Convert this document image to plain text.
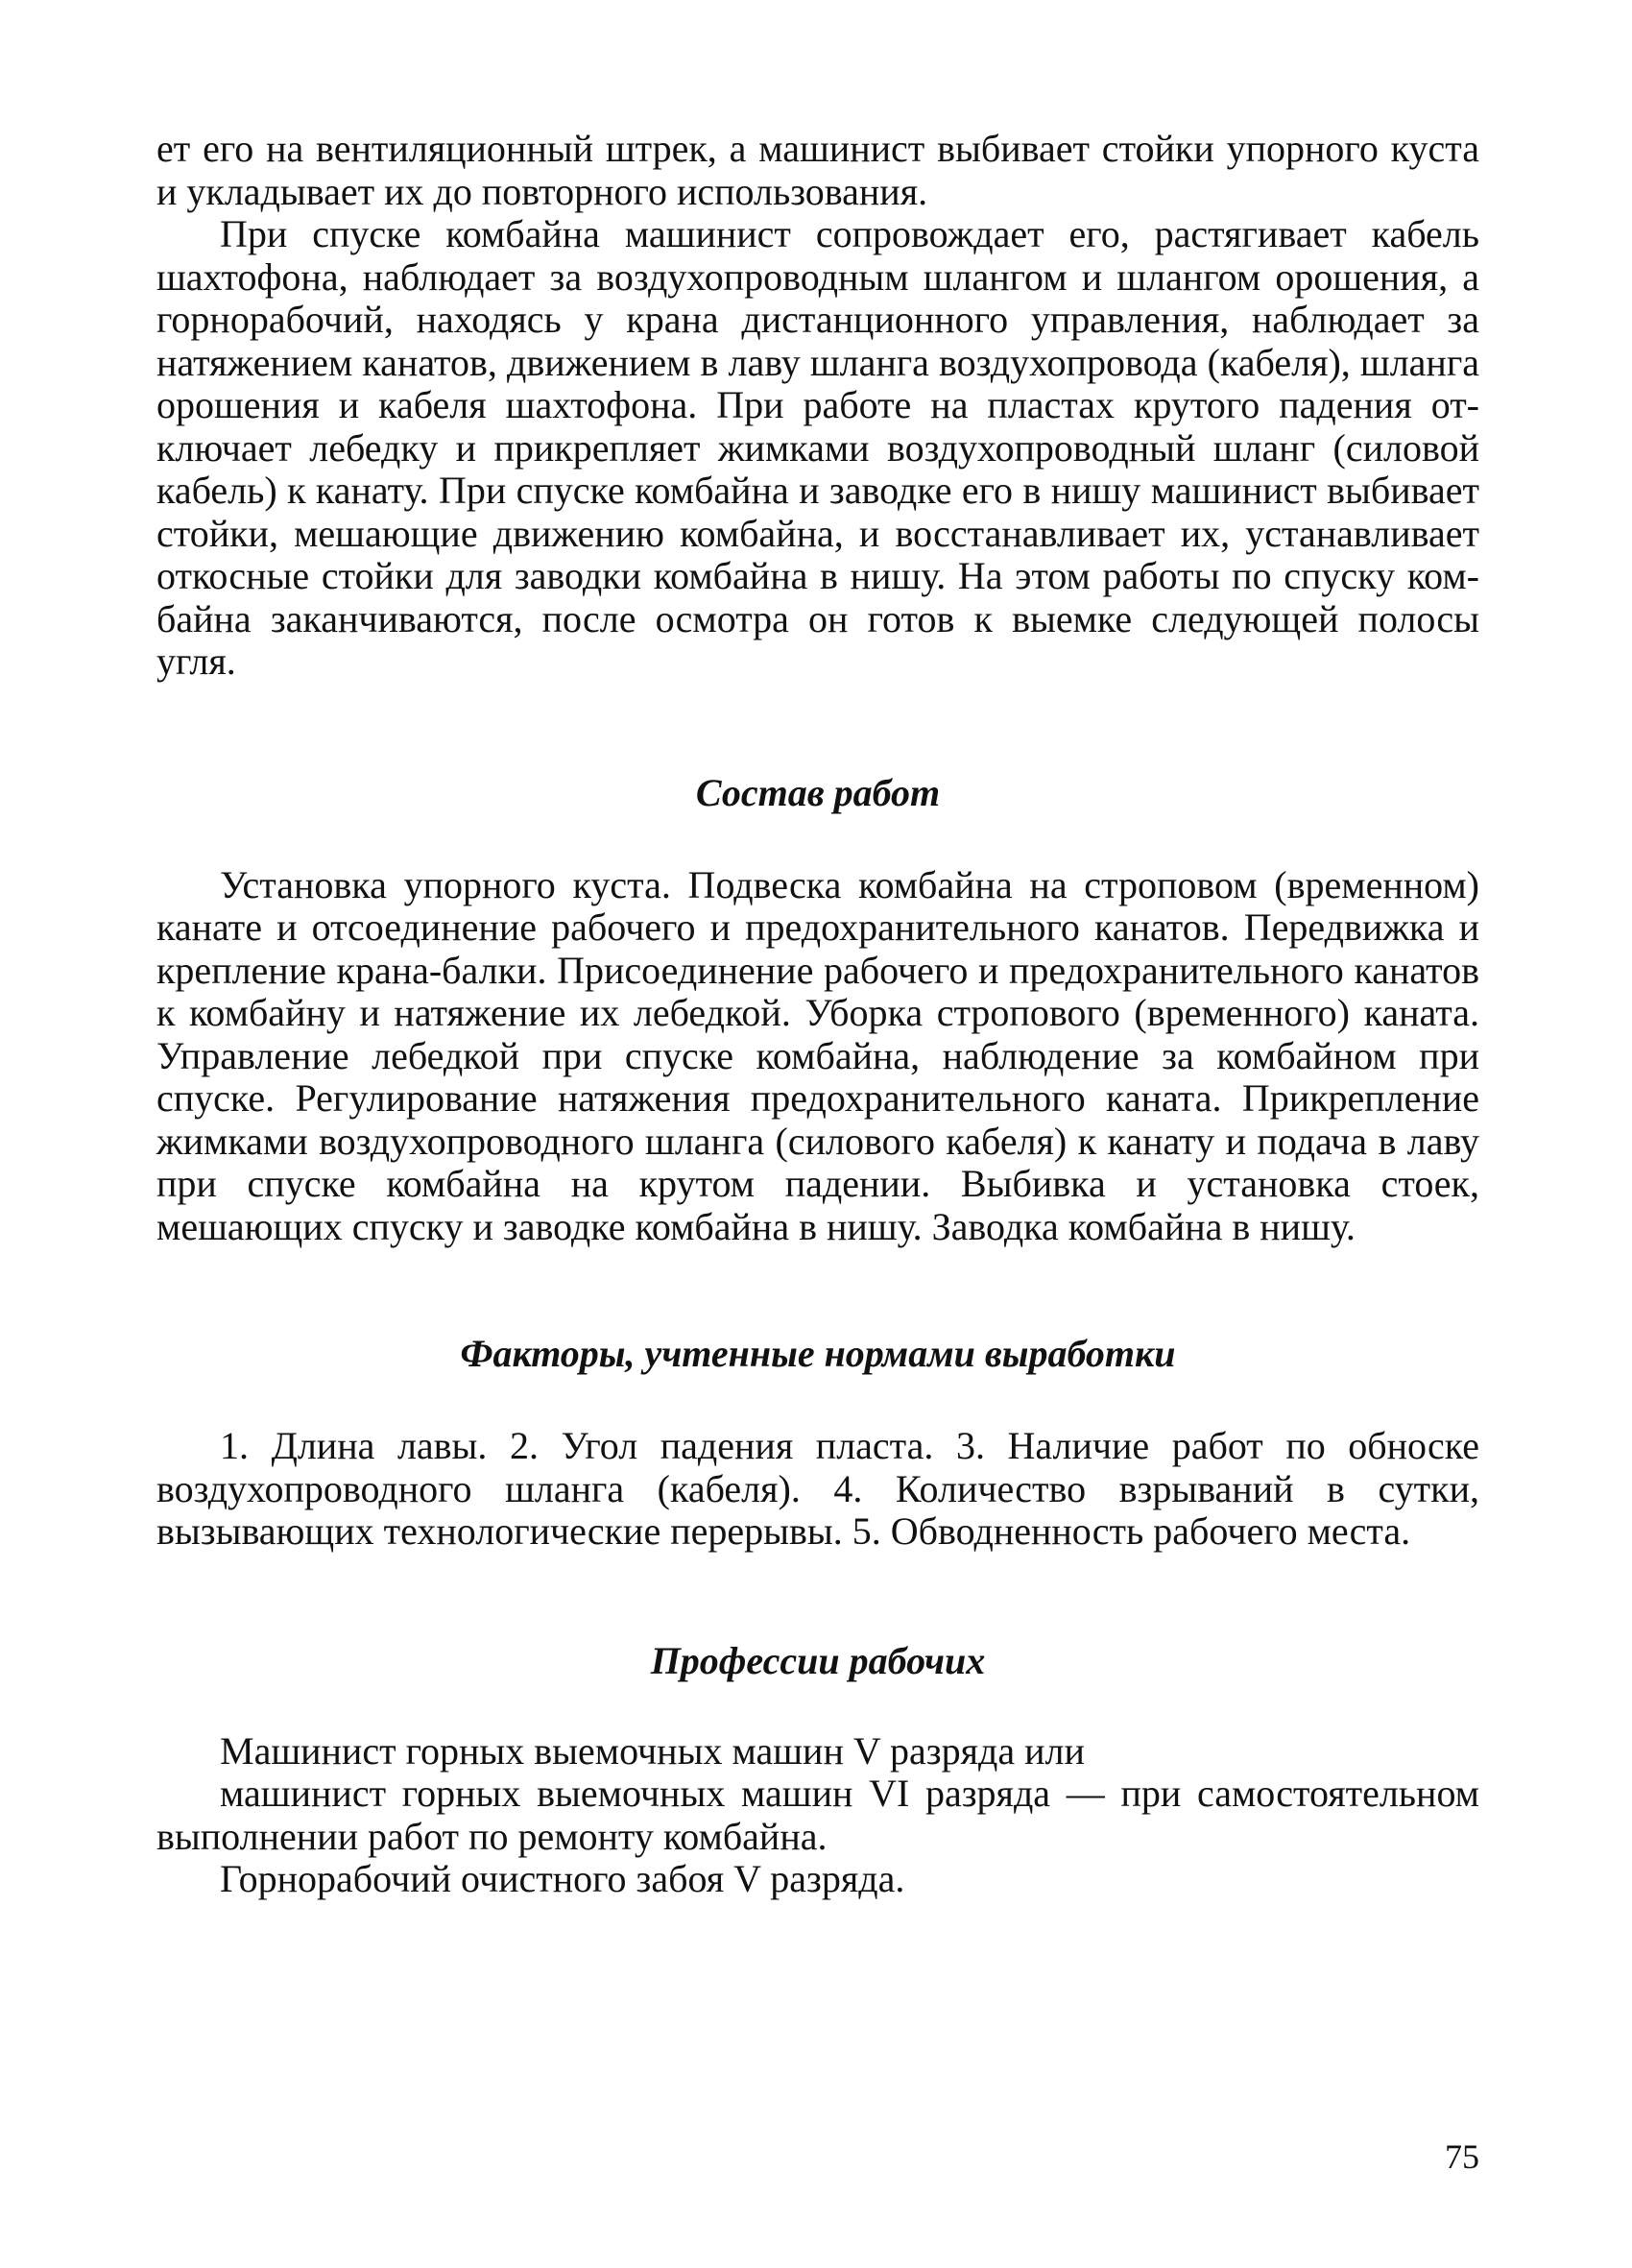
ет его на вентиляционный штрек, а машинист выбивает стойки упорного куста и укладывает их до повторного использования.

При спуске комбайна машинист сопровождает его, растягивает кабель шахтофона, наблюдает за воздухопроводным шлангом и шлангом орошения, а горнорабочий, находясь у крана дистанционного управления, наблюдает за натяжением канатов, движением в лаву шланга воздухопровода (кабеля), шланга орошения и кабеля шахтофона. При работе на пластах крутого падения отключает лебедку и прикрепляет жимками воздухопроводный шланг (силовой кабель) к канату. При спуске комбайна и заводке его в нишу машинист выбивает стойки, мешающие движению комбайна, и восстанавливает их, устанавливает откосные стойки для заводки комбайна в нишу. На этом работы по спуску комбайна заканчиваются, после осмотра он готов к выемке следующей полосы угля.

Состав работ

Установка упорного куста. Подвеска комбайна на строповом (временном) канате и отсоединение рабочего и предохранительного канатов. Передвижка и крепление крана-балки. Присоединение рабочего и предохранительного канатов к комбайну и натяжение их лебедкой. Уборка стропового (временного) каната. Управление лебедкой при спуске комбайна, наблюдение за комбайном при спуске. Регулирование натяжения предохранительного каната. Прикрепление жимками воздухопроводного шланга (силового кабеля) к канату и подача в лаву при спуске комбайна на крутом падении. Выбивка и установка стоек, мешающих спуску и заводке комбайна в нишу. Заводка комбайна в нишу.

Факторы, учтенные нормами выработки

1. Длина лавы. 2. Угол падения пласта. 3. Наличие работ по обноске воздухопроводного шланга (кабеля). 4. Количество взрываний в сутки, вызывающих технологические перерывы. 5. Обводненность рабочего места.

Профессии рабочих

Машинист горных выемочных машин V разряда или

машинист горных выемочных машин VI разряда — при самостоятельном выполнении работ по ремонту комбайна.

Горнорабочий очистного забоя V разряда.

75
